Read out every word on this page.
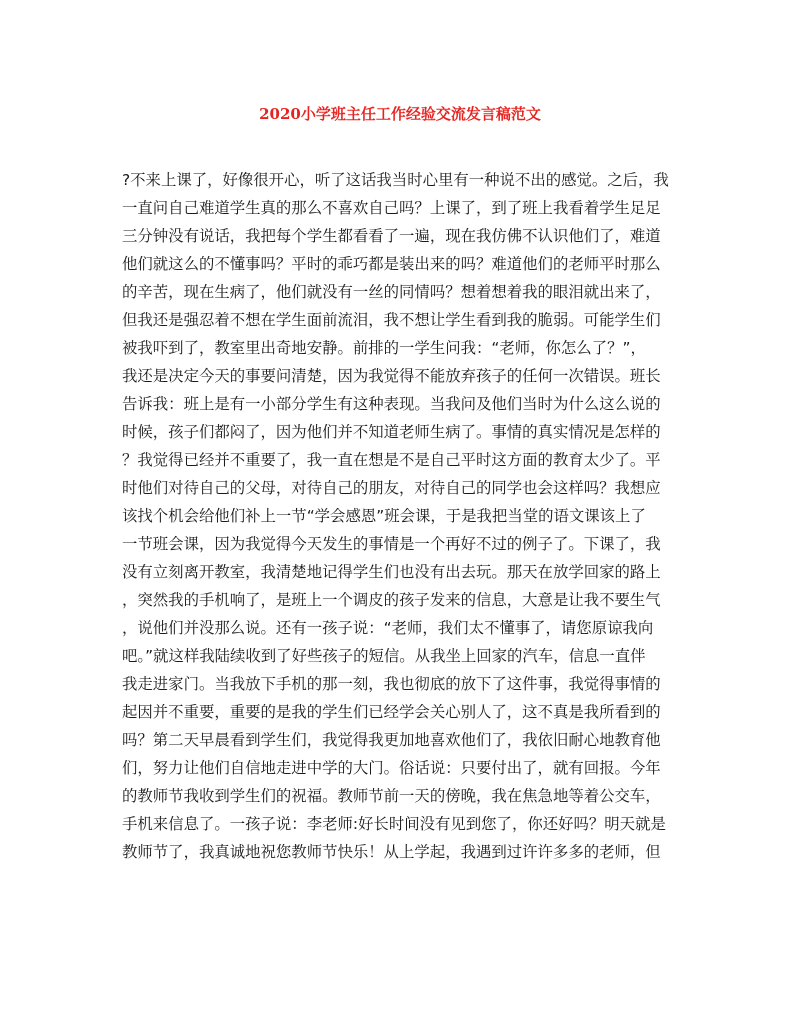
2020小学班主任工作经验交流发言稿范文
?不来上课了，好像很开心，听了这话我当时心里有一种说不出的感觉。之后，我
一直问自己难道学生真的那么不喜欢自己吗？上课了，到了班上我看着学生足足
三分钟没有说话，我把每个学生都看看了一遍，现在我仿佛不认识他们了，难道
他们就这么的不懂事吗？平时的乖巧都是装出来的吗？难道他们的老师平时那么
的辛苦，现在生病了，他们就没有一丝的同情吗？想着想着我的眼泪就出来了，
但我还是强忍着不想在学生面前流泪，我不想让学生看到我的脆弱。可能学生们
被我吓到了，教室里出奇地安静。前排的一学生问我：“老师，你怎么了？”，
我还是决定今天的事要问清楚，因为我觉得不能放弃孩子的任何一次错误。班长
告诉我：班上是有一小部分学生有这种表现。当我问及他们当时为什么这么说的
时候，孩子们都闷了，因为他们并不知道老师生病了。事情的真实情况是怎样的
？我觉得已经并不重要了，我一直在想是不是自己平时这方面的教育太少了。平
时他们对待自己的父母，对待自己的朋友，对待自己的同学也会这样吗？我想应
该找个机会给他们补上一节“学会感恩”班会课，于是我把当堂的语文课该上了
一节班会课，因为我觉得今天发生的事情是一个再好不过的例子了。下课了，我
没有立刻离开教室，我清楚地记得学生们也没有出去玩。那天在放学回家的路上
，突然我的手机响了，是班上一个调皮的孩子发来的信息，大意是让我不要生气
，说他们并没那么说。还有一孩子说：“老师，我们太不懂事了，请您原谅我向
吧。”就这样我陆续收到了好些孩子的短信。从我坐上回家的汽车，信息一直伴
我走进家门。当我放下手机的那一刻，我也彻底的放下了这件事，我觉得事情的
起因并不重要，重要的是我的学生们已经学会关心别人了，这不真是我所看到的
吗？第二天早晨看到学生们，我觉得我更加地喜欢他们了，我依旧耐心地教育他
们，努力让他们自信地走进中学的大门。俗话说：只要付出了，就有回报。今年
的教师节我收到学生们的祝福。教师节前一天的傍晚，我在焦急地等着公交车，
手机来信息了。一孩子说：李老师:好长时间没有见到您了，你还好吗？明天就是
教师节了，我真诚地祝您教师节快乐！从上学起，我遇到过许许多多的老师，但
